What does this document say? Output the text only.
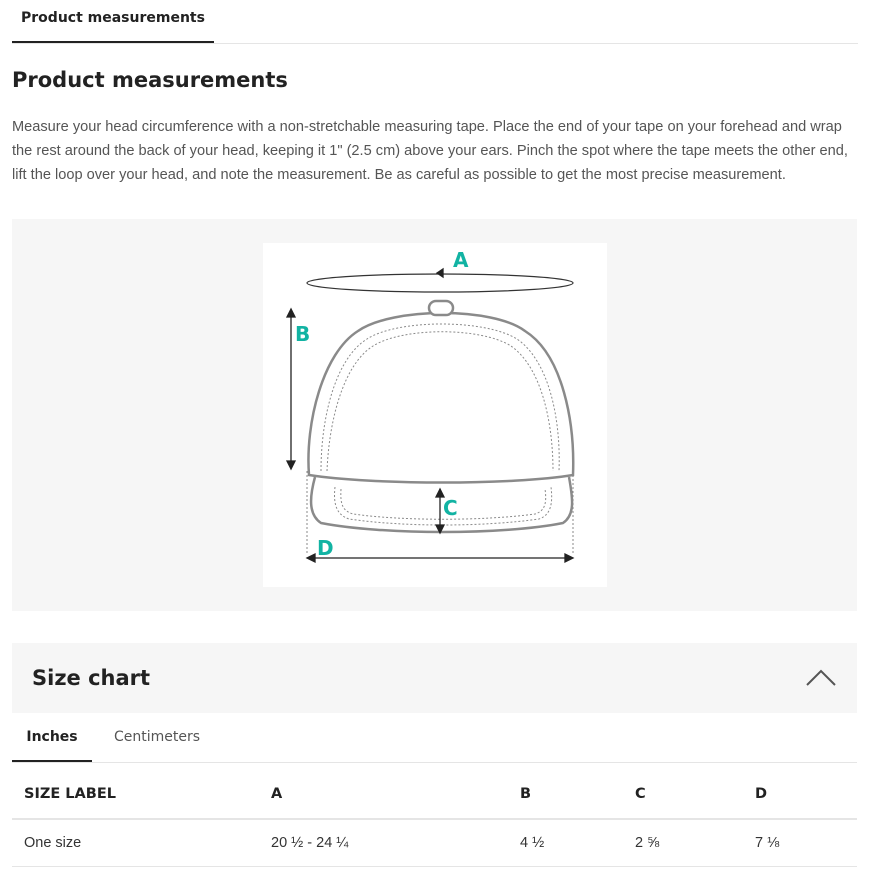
Product measurements
Product measurements

Measure your head circumference with a non-stretchable measuring tape. Place the end of your tape on your forehead and wrap the rest around the back of your head, keeping it 1" (2.5 cm) above your ears. Pinch the spot where the tape meets the other end, lift the loop over your head, and note the measurement. Be as careful as possible to get the most precise measurement.

A
B
C
D
Size chart
Inches	Centimeters
SIZE LABEL	A	B	C	D
One size	20 ½ - 24 ¼	4 ½	2 ⅝	7 ⅛
